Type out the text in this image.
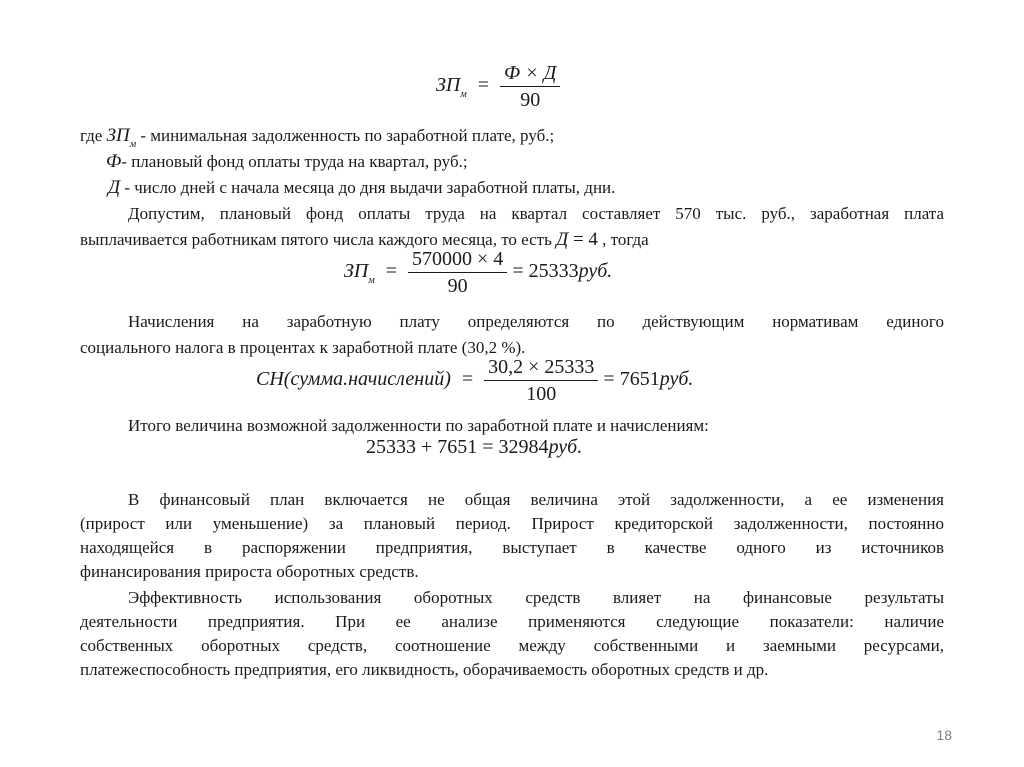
$ЗП_м = \frac{Ф \times Д}{90}$
где $ЗП_м$ - минимальная задолженность по заработной плате, руб.;
Ф- плановый фонд оплаты труда на квартал, руб.;
Д - число дней с начала месяца до дня выдачи заработной платы, дни.
Допустим, плановый фонд оплаты труда на квартал составляет 570 тыс. руб., заработная плата
выплачивается работникам пятого числа каждого месяца, то есть Д = 4 , тогда
$ЗП_м = \frac{570000 \times 4}{90} = 25333руб$.
Начисления на заработную плату определяются по действующим нормативам единого
социального налога в процентах к заработной плате (30,2 %).
СН(сумма.начислений) = $\frac{30,2 \times 25333}{100} = 7651руб$.
Итого величина возможной задолженности по заработной плате и начислениям:
25333 + 7651 = 32984руб.
В финансовый план включается не общая величина этой задолженности, а ее изменения
(прирост или уменьшение) за плановый период. Прирост кредиторской задолженности, постоянно
находящейся в распоряжении предприятия, выступает в качестве одного из источников
финансирования прироста оборотных средств.
Эффективность использования оборотных средств влияет на финансовые результаты
деятельности предприятия. При ее анализе применяются следующие показатели: наличие
собственных оборотных средств, соотношение между собственными и заемными ресурсами,
платежеспособность предприятия, его ликвидность, оборачиваемость оборотных средств и др.
18
